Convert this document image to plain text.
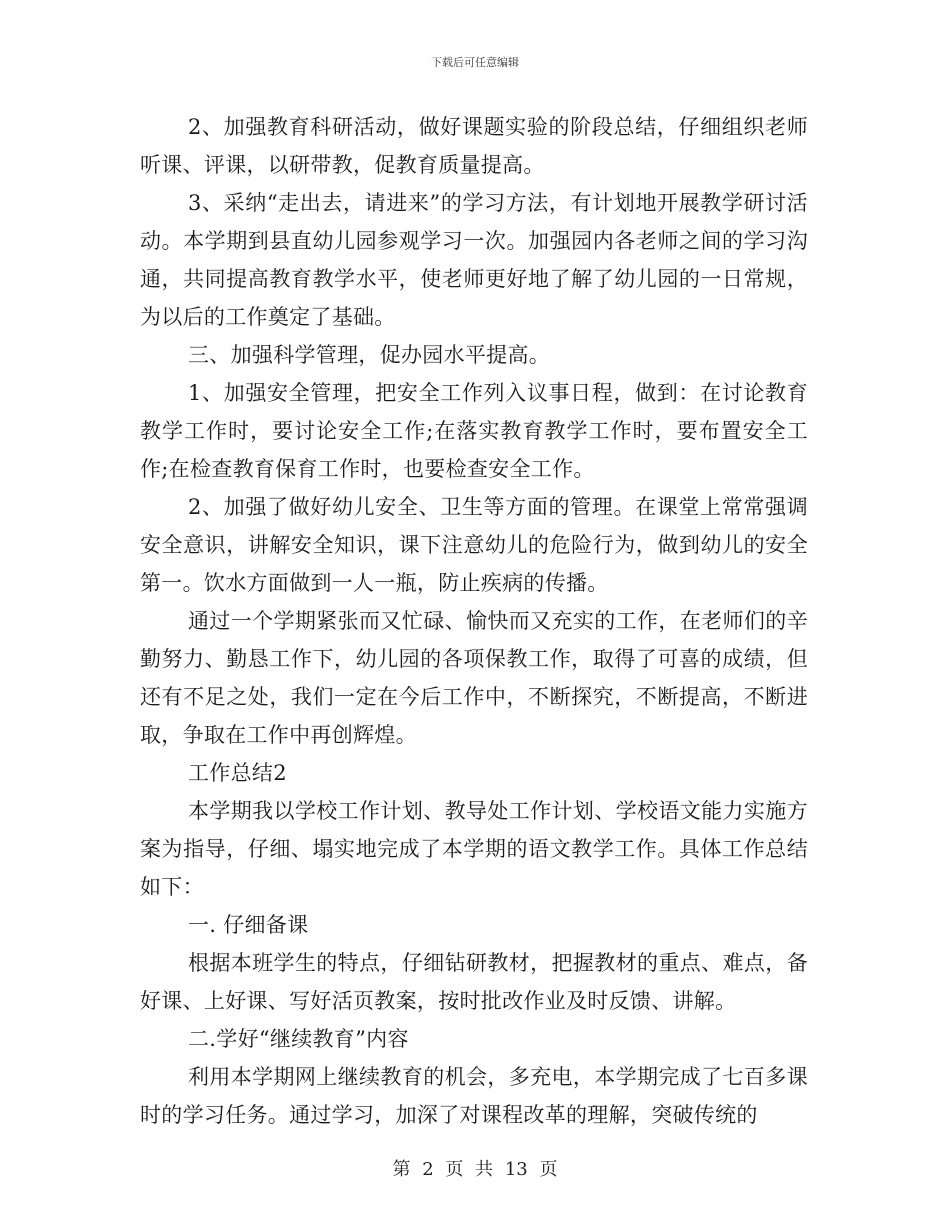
下载后可任意编辑

2、加强教育科研活动，做好课题实验的阶段总结，仔细组织老师听课、评课，以研带教，促教育质量提高。

3、采纳“走出去，请进来”的学习方法，有计划地开展教学研讨活动。本学期到县直幼儿园参观学习一次。加强园内各老师之间的学习沟通，共同提高教育教学水平，使老师更好地了解了幼儿园的一日常规，为以后的工作奠定了基础。

三、加强科学管理，促办园水平提高。

1、加强安全管理，把安全工作列入议事日程，做到：在讨论教育教学工作时，要讨论安全工作;在落实教育教学工作时，要布置安全工作;在检查教育保育工作时，也要检查安全工作。

2、加强了做好幼儿安全、卫生等方面的管理。在课堂上常常强调安全意识，讲解安全知识，课下注意幼儿的危险行为，做到幼儿的安全第一。饮水方面做到一人一瓶，防止疾病的传播。

通过一个学期紧张而又忙碌、愉快而又充实的工作，在老师们的辛勤努力、勤恳工作下，幼儿园的各项保教工作，取得了可喜的成绩，但还有不足之处，我们一定在今后工作中，不断探究，不断提高，不断进取，争取在工作中再创辉煌。

工作总结2

本学期我以学校工作计划、教导处工作计划、学校语文能力实施方案为指导，仔细、塌实地完成了本学期的语文教学工作。具体工作总结如下：

一. 仔细备课

根据本班学生的特点，仔细钻研教材，把握教材的重点、难点，备好课、上好课、写好活页教案，按时批改作业及时反馈、讲解。

二.学好“继续教育”内容

利用本学期网上继续教育的机会，多充电，本学期完成了七百多课时的学习任务。通过学习，加深了对课程改革的理解，突破传统的

第 2 页 共 13 页
